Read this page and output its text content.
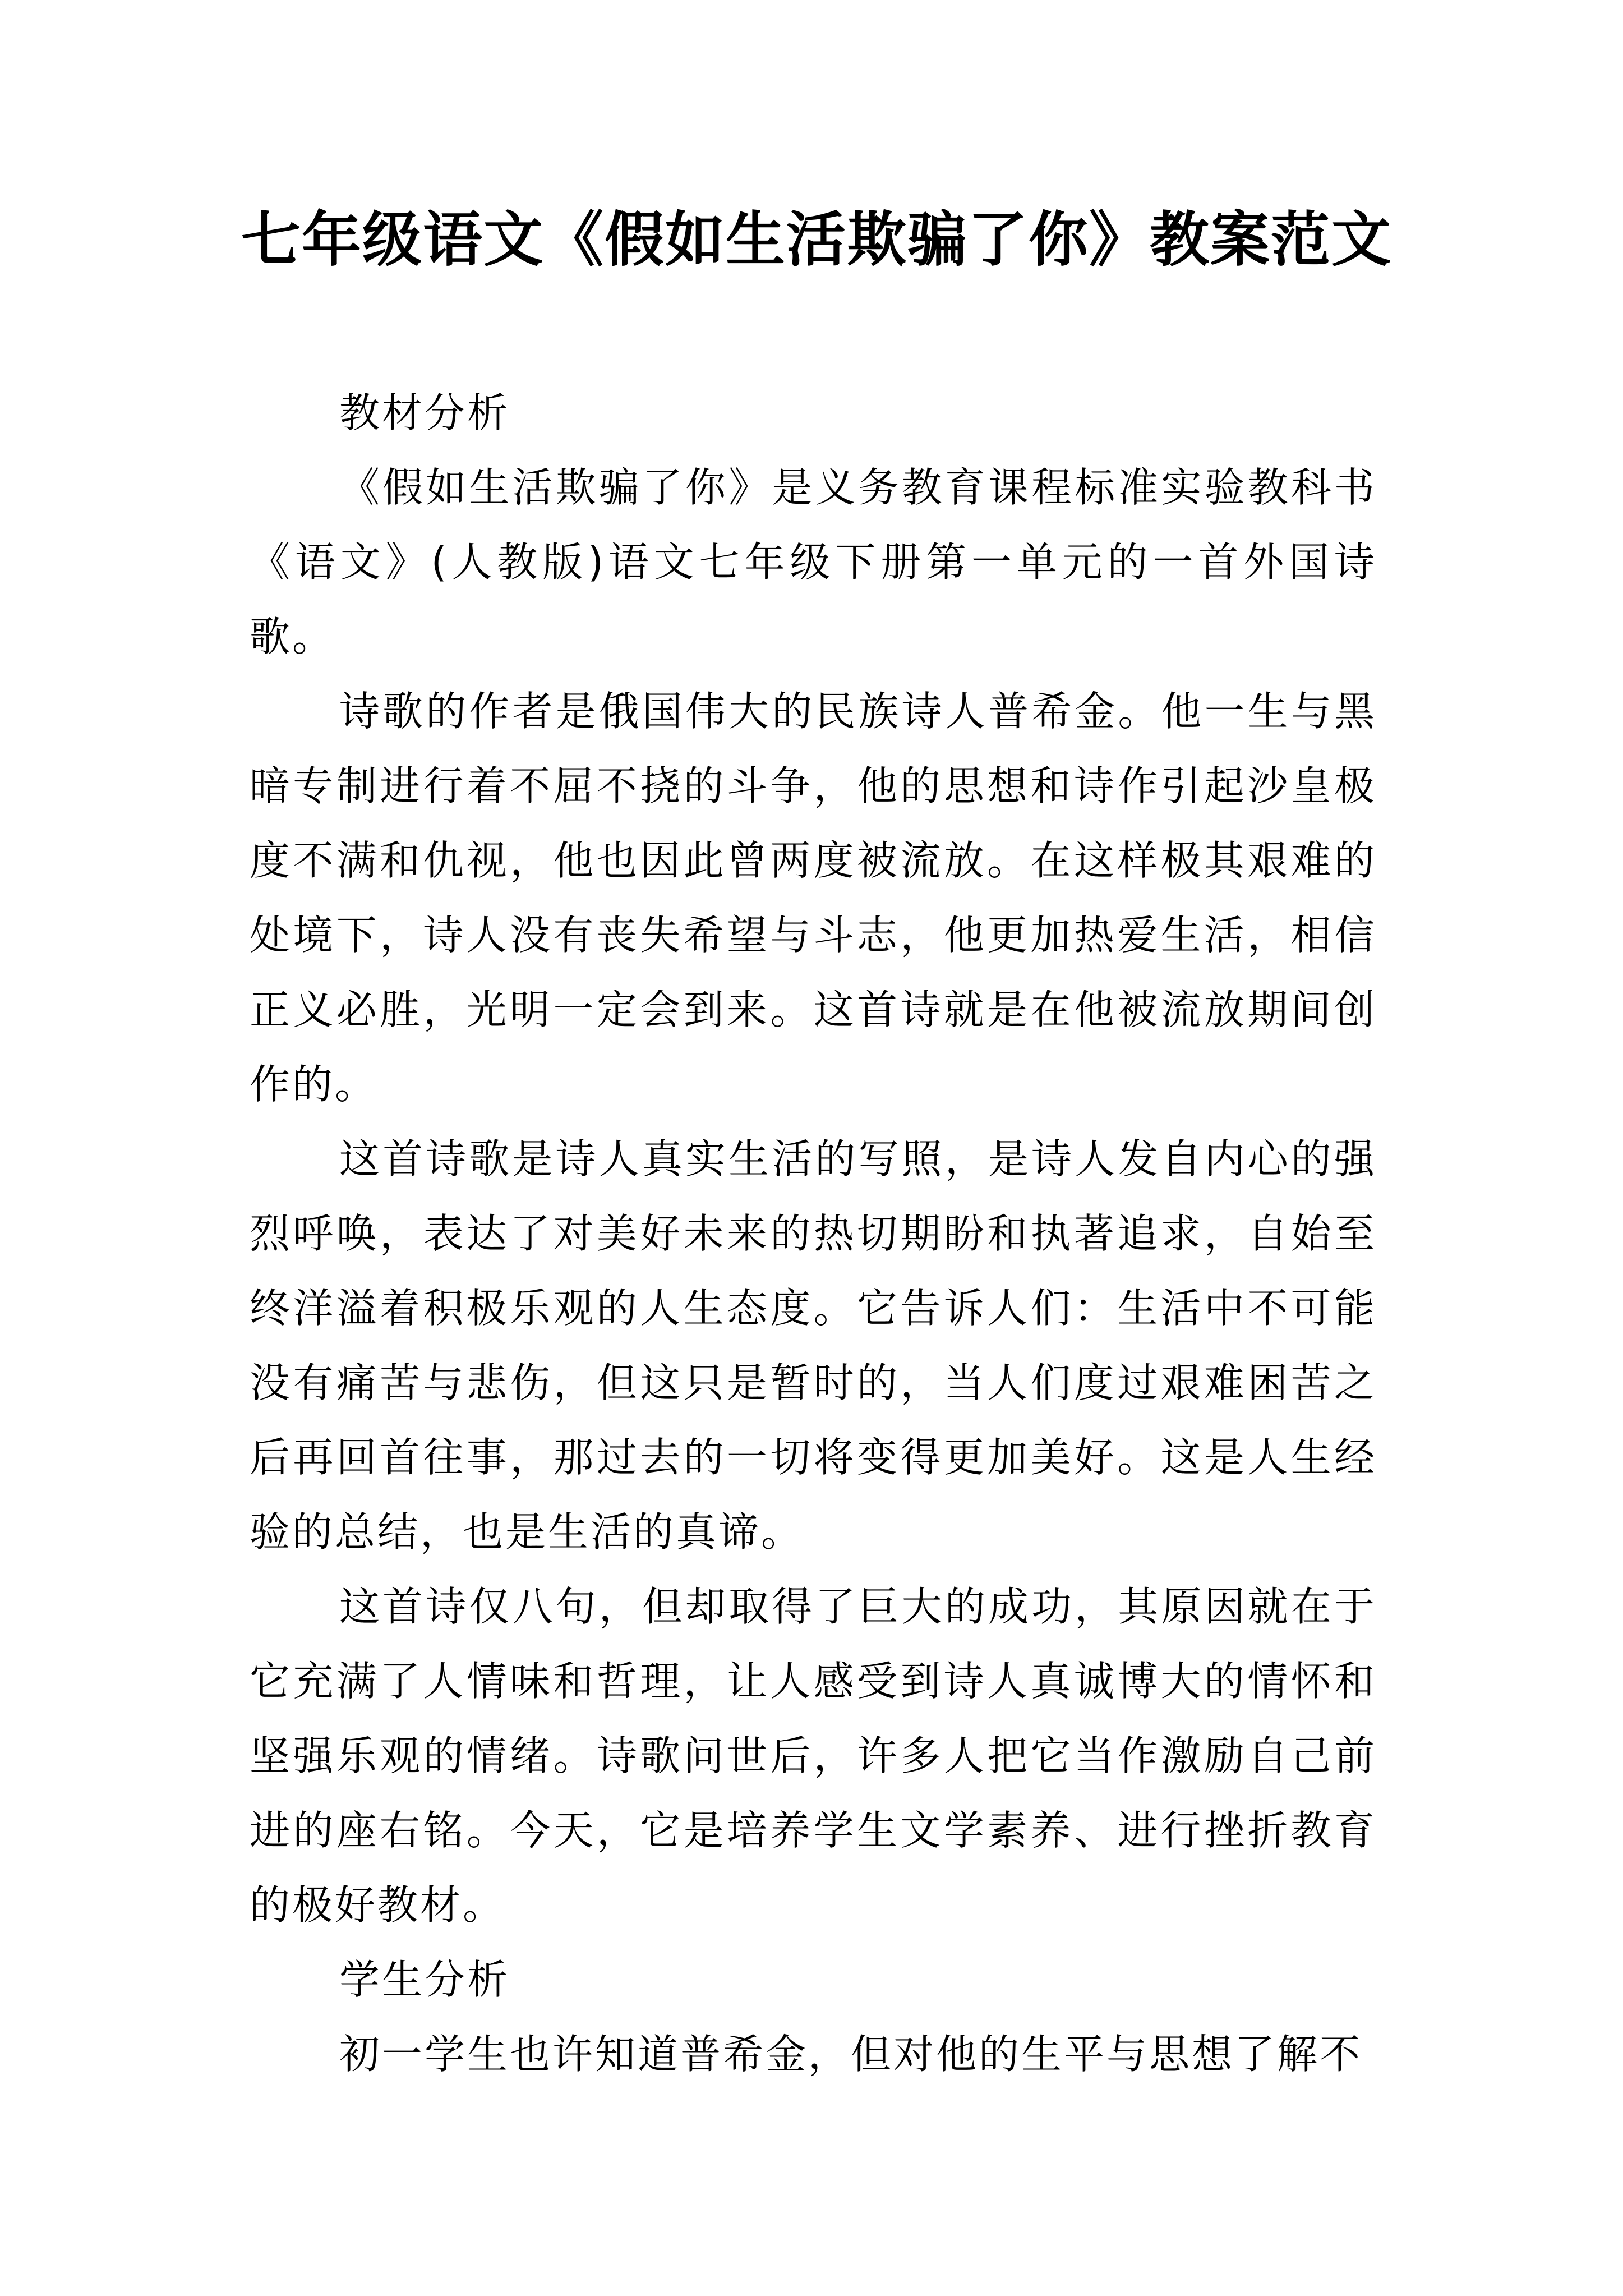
七年级语文《假如生活欺骗了你》教案范文

教材分析

《假如生活欺骗了你》是义务教育课程标准实验教科书《语文》(人教版)语文七年级下册第一单元的一首外国诗歌。

诗歌的作者是俄国伟大的民族诗人普希金。他一生与黑暗专制进行着不屈不挠的斗争，他的思想和诗作引起沙皇极度不满和仇视，他也因此曾两度被流放。在这样极其艰难的处境下，诗人没有丧失希望与斗志，他更加热爱生活，相信正义必胜，光明一定会到来。这首诗就是在他被流放期间创作的。

这首诗歌是诗人真实生活的写照，是诗人发自内心的强烈呼唤，表达了对美好未来的热切期盼和执著追求，自始至终洋溢着积极乐观的人生态度。它告诉人们：生活中不可能没有痛苦与悲伤，但这只是暂时的，当人们度过艰难困苦之后再回首往事，那过去的一切将变得更加美好。这是人生经验的总结，也是生活的真谛。

这首诗仅八句，但却取得了巨大的成功，其原因就在于它充满了人情味和哲理，让人感受到诗人真诚博大的情怀和坚强乐观的情绪。诗歌问世后，许多人把它当作激励自己前进的座右铭。今天，它是培养学生文学素养、进行挫折教育的极好教材。

学生分析

初一学生也许知道普希金，但对他的生平与思想了解不
